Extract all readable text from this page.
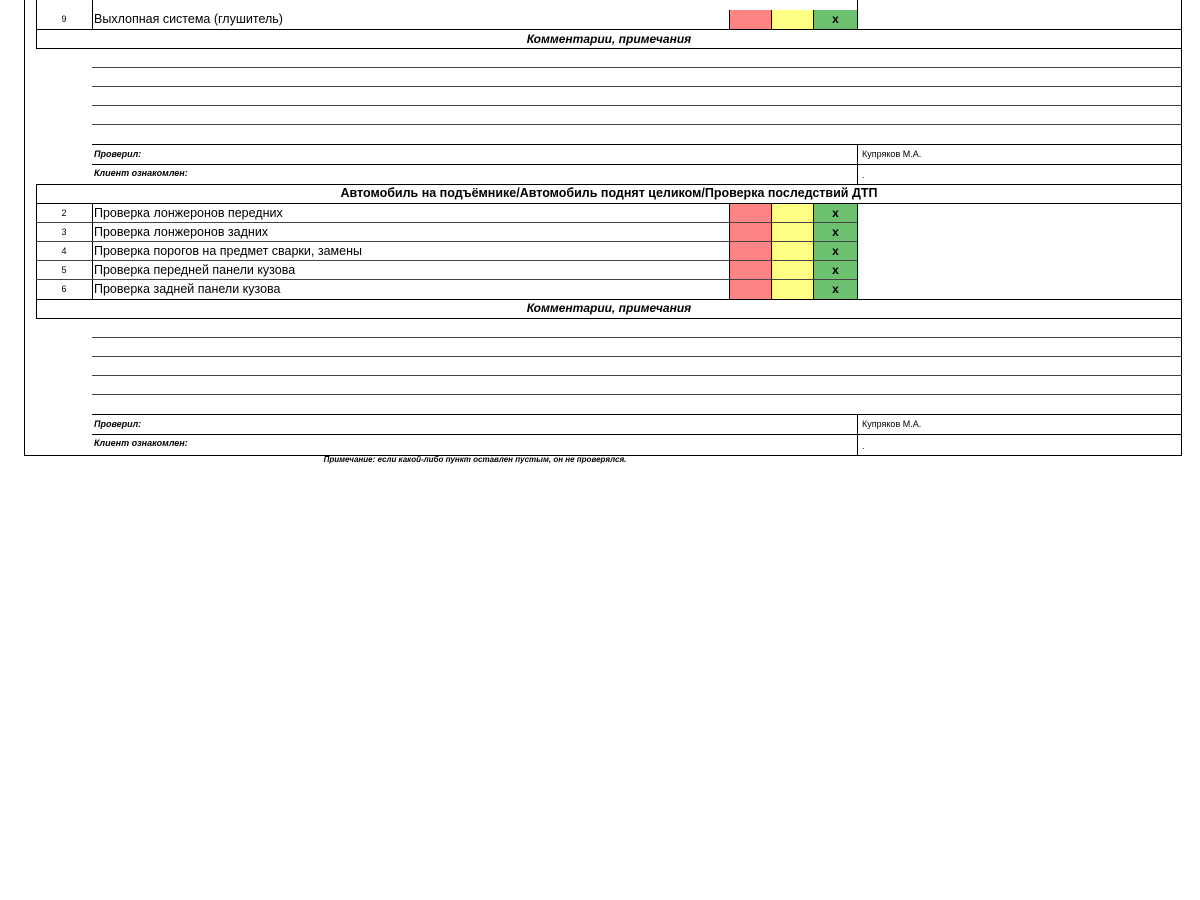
9	Выхлопная система (глушитель)	x
Комментарии, примечания
Проверил:	Купряков М.А.
Клиент ознакомлен:	.
Автомобиль на подъёмнике/Автомобиль поднят целиком/Проверка последствий ДТП
2	Проверка лонжеронов передних	x
3	Проверка лонжеронов задних	x
4	Проверка порогов на предмет сварки, замены	x
5	Проверка передней панели кузова	x
6	Проверка задней панели кузова	x
Комментарии, примечания
Проверил:	Купряков М.А.
Клиент ознакомлен:	.
Примечание: если какой-либо пункт оставлен пустым, он не проверялся.
